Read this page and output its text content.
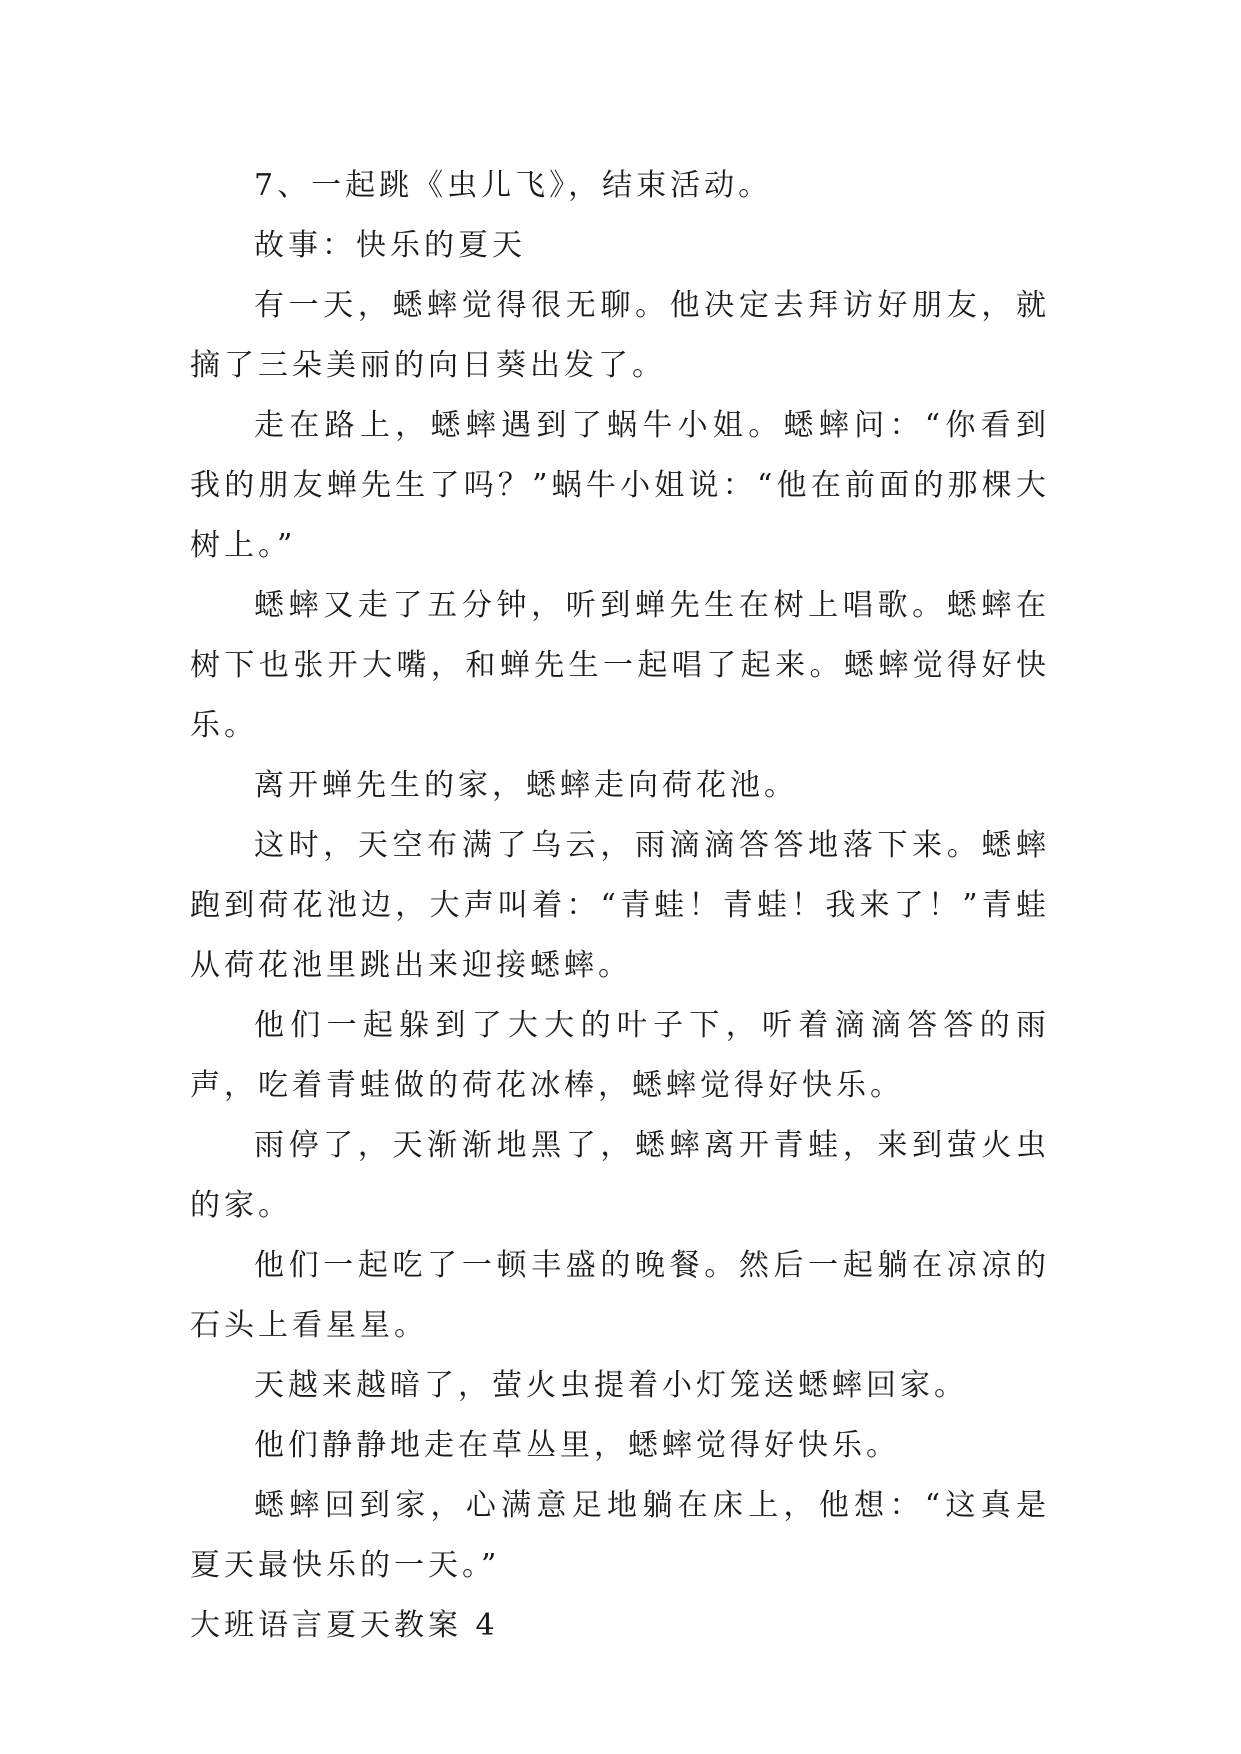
7、一起跳《虫儿飞》，结束活动。

故事：快乐的夏天

有一天，蟋蟀觉得很无聊。他决定去拜访好朋友，就摘了三朵美丽的向日葵出发了。

走在路上，蟋蟀遇到了蜗牛小姐。蟋蟀问：“你看到我的朋友蝉先生了吗？”蜗牛小姐说：“他在前面的那棵大树上。”

蟋蟀又走了五分钟，听到蝉先生在树上唱歌。蟋蟀在树下也张开大嘴，和蝉先生一起唱了起来。蟋蟀觉得好快乐。

离开蝉先生的家，蟋蟀走向荷花池。

这时，天空布满了乌云，雨滴滴答答地落下来。蟋蟀跑到荷花池边，大声叫着：“青蛙！青蛙！我来了！”青蛙从荷花池里跳出来迎接蟋蟀。

他们一起躲到了大大的叶子下，听着滴滴答答的雨声，吃着青蛙做的荷花冰棒，蟋蟀觉得好快乐。

雨停了，天渐渐地黑了，蟋蟀离开青蛙，来到萤火虫的家。

他们一起吃了一顿丰盛的晚餐。然后一起躺在凉凉的石头上看星星。

天越来越暗了，萤火虫提着小灯笼送蟋蟀回家。

他们静静地走在草丛里，蟋蟀觉得好快乐。

蟋蟀回到家，心满意足地躺在床上，他想：“这真是夏天最快乐的一天。”

大班语言夏天教案 4
